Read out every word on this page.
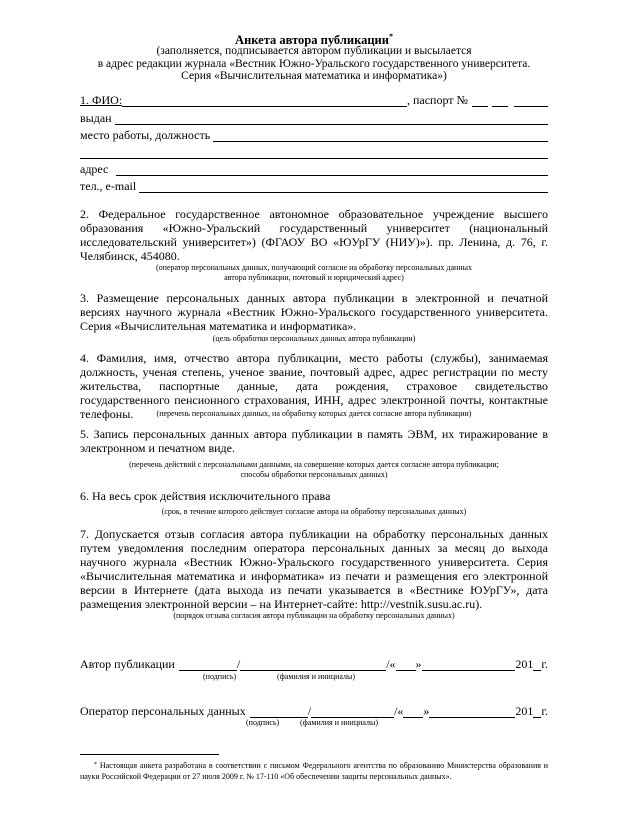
Анкета автора публикации*
(заполняется, подписывается автором публикации и высылается
в адрес редакции журнала «Вестник Южно-Уральского государственного университета.
Серия «Вычислительная математика и информатика»)
1. ФИО:	, паспорт №
выдан
место работы, должность
адрес
тел., e-mail
2. Федеральное государственное автономное образовательное учреждение высшего образования «Южно-Уральский государственный университет (национальный исследовательский университет») (ФГАОУ ВО «ЮУрГУ (НИУ)»). пр. Ленина, д. 76, г. Челябинск, 454080.
(оператор персональных данных, получающий согласие на обработку персональных данных
автора публикации, почтовый и юридический адрес)
3. Размещение персональных данных автора публикации в электронной и печатной версиях научного журнала «Вестник Южно-Уральского государственного университета. Серия «Вычислительная математика и информатика».
(цель обработки персональных данных автора публикации)
4. Фамилия, имя, отчество автора публикации, место работы (службы), занимаемая должность, ученая степень, ученое звание, почтовый адрес, адрес регистрации по месту жительства, паспортные данные, дата рождения, страховое свидетельство государственного пенсионного страхования, ИНН, адрес электронной почты, контактные телефоны.	(перечень персональных данных, на обработку которых дается согласие автора публикации)
5. Запись персональных данных автора публикации в память ЭВМ, их тиражирование в электронном и печатном виде.
(перечень действий с персональными данными, на совершение которых дается согласие автора публикации;
способы обработки персональных данных)
6. На весь срок действия исключительного права
(срок, в течение которого действует согласие автора на обработку персональных данных)
7. Допускается отзыв согласия автора публикации на обработку персональных данных путем уведомления последним оператора персональных данных за месяц до выхода научного журнала «Вестник Южно-Уральского государственного университета. Серия «Вычислительная математика и информатика» из печати и размещения его электронной версии в Интернете (дата выхода из печати указывается в «Вестнике ЮУрГУ», дата размещения электронной версии – на Интернет-сайте: http://vestnik.susu.ac.ru).
(порядок отзыва согласия автора публикации на обработку персональных данных)
Автор публикации	/	/« »	201 г.
(подпись)	(фамилия и инициалы)
Оператор персональных данных	/	/« »	201 г.
(подпись)	(фамилия и инициалы)
* Настоящая анкета разработана в соответствии с письмом Федерального агентства по образованию Министерства образования и науки Российской Федерации от 27 июля 2009 г. № 17-110 «Об обеспечении защиты персональных данных».
